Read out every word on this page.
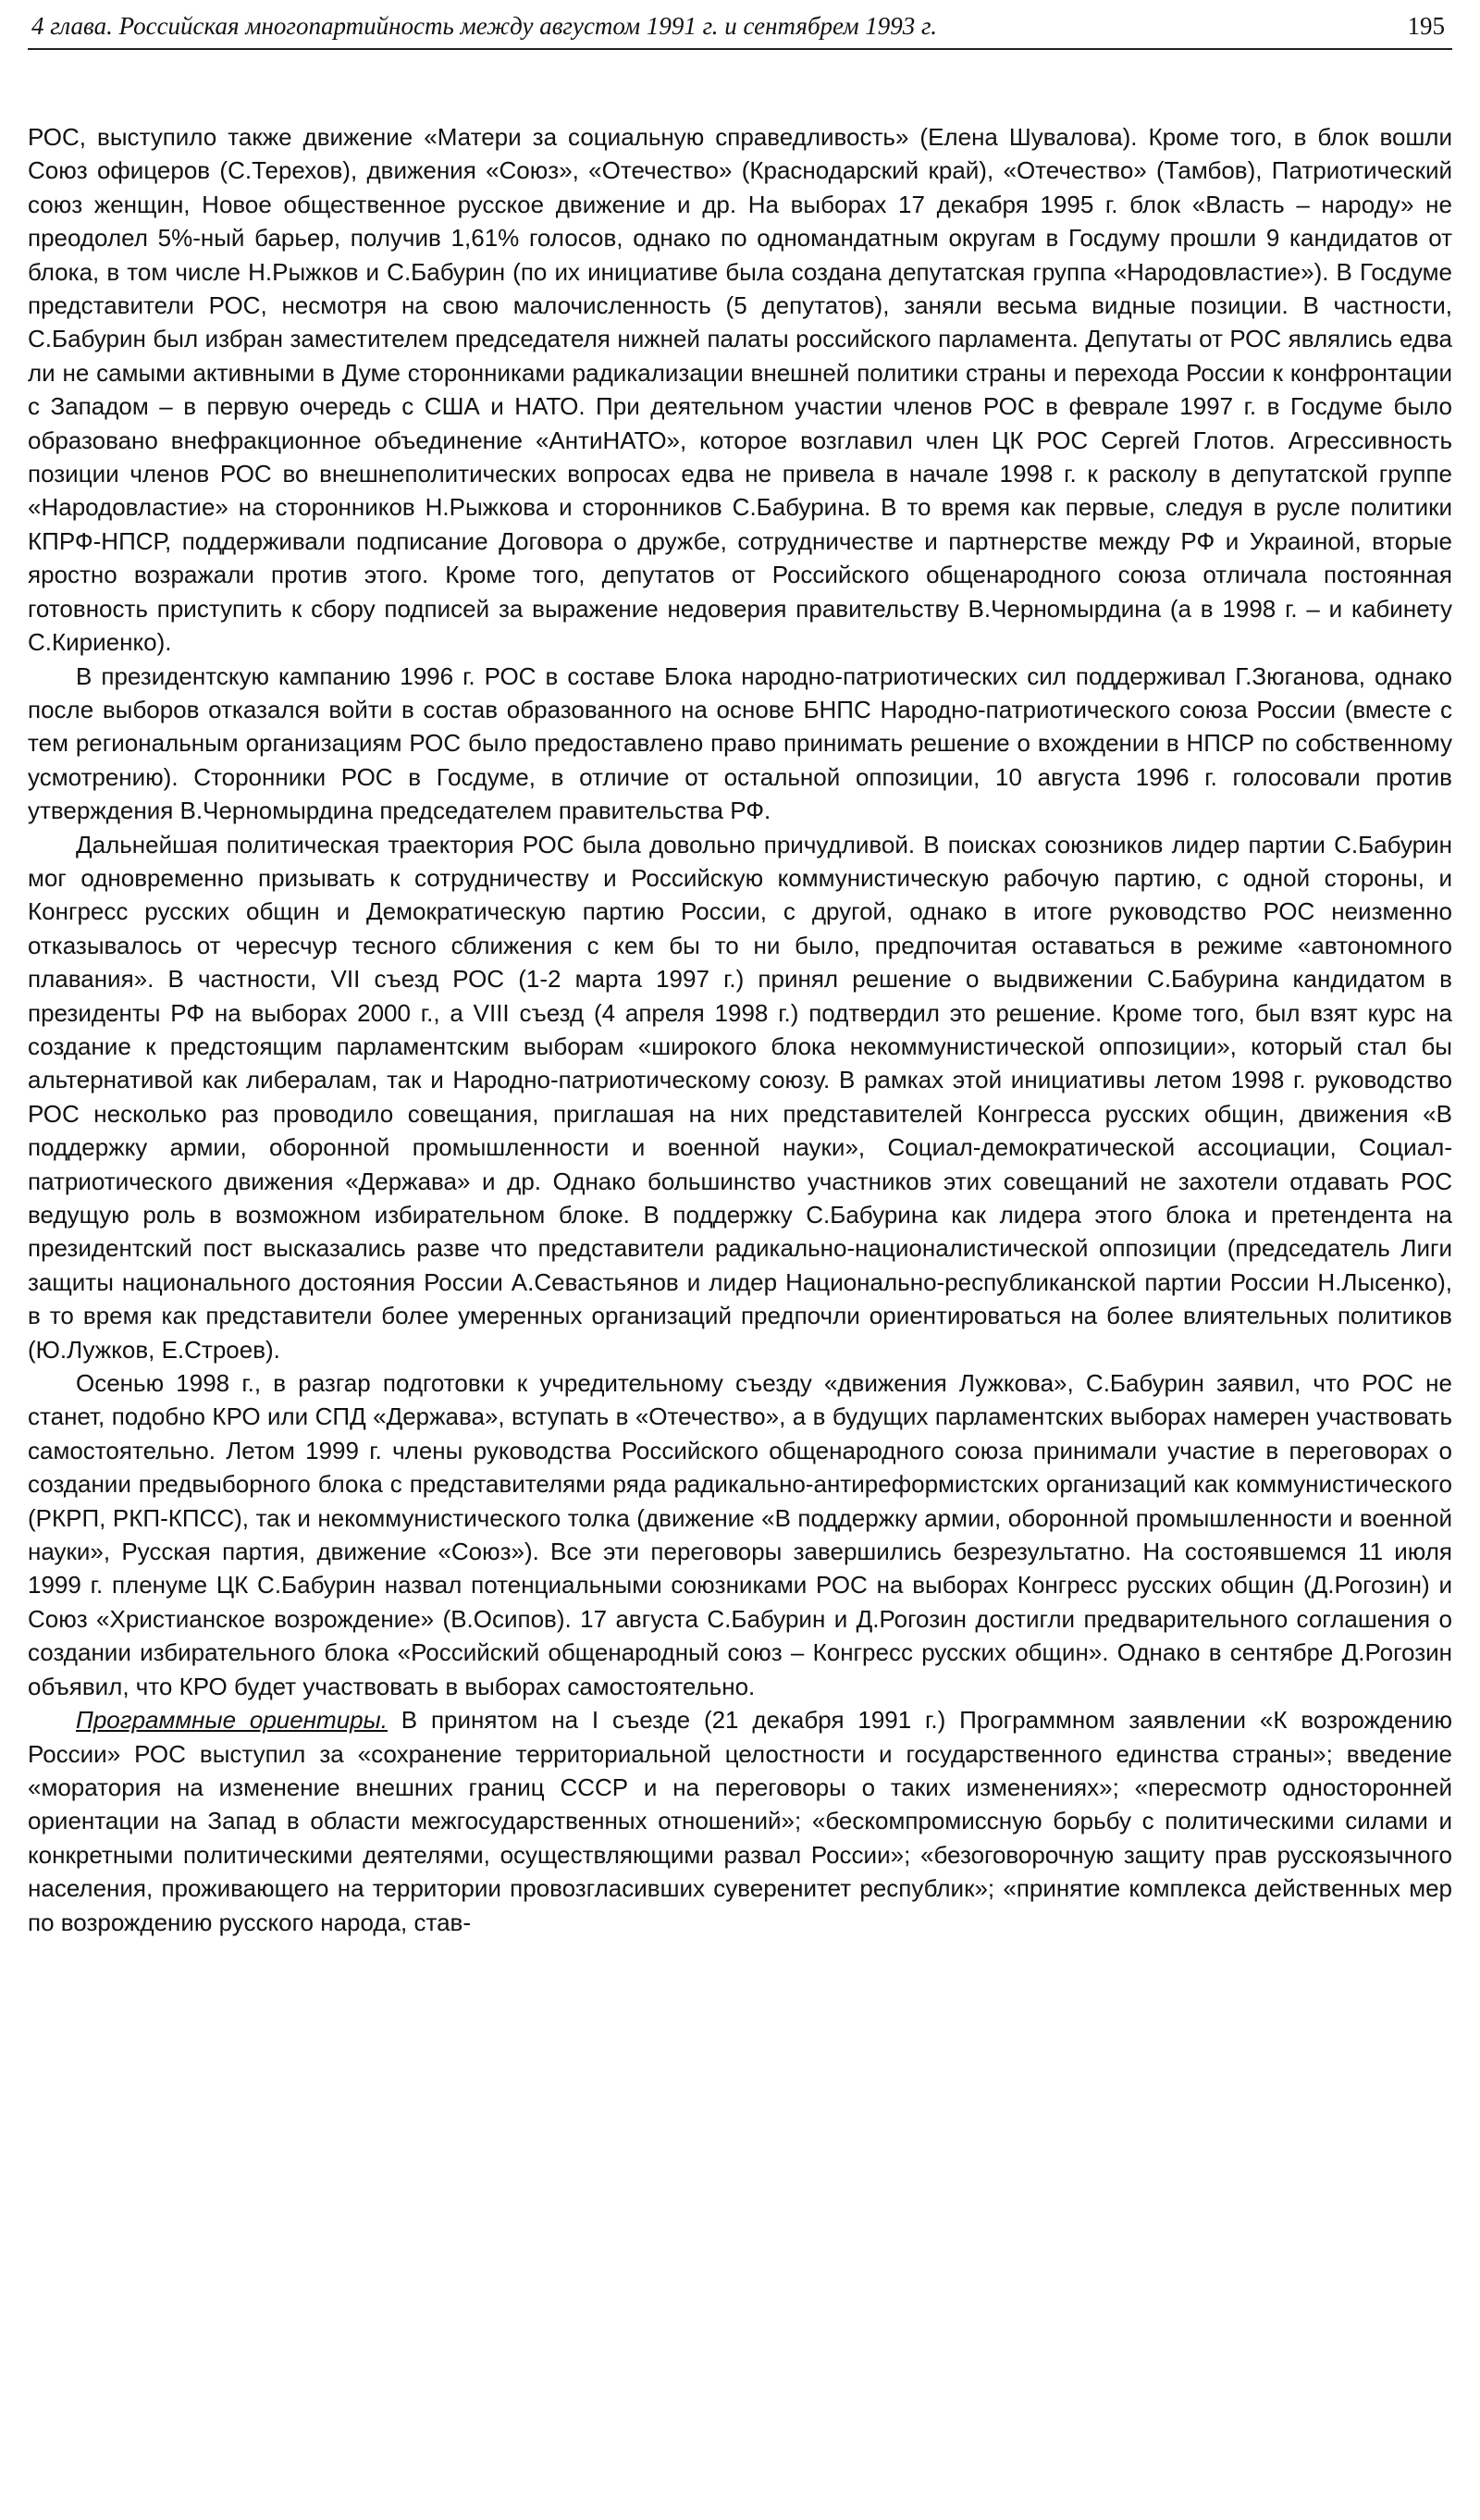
4 глава. Российская многопартийность между августом 1991 г. и сентябрем 1993 г.	195

РОС, выступило также движение «Матери за социальную справедливость» (Елена Шувалова). Кроме того, в блок вошли Союз офицеров (С.Терехов), движения «Союз», «Отечество» (Краснодарский край), «Отечество» (Тамбов), Патриотический союз женщин, Новое общественное русское движение и др. На выборах 17 декабря 1995 г. блок «Власть – народу» не преодолел 5%-ный барьер, получив 1,61% голосов, однако по одномандатным округам в Госдуму прошли 9 кандидатов от блока, в том числе Н.Рыжков и С.Бабурин (по их инициативе была создана депутатская группа «Народовластие»). В Госдуме представители РОС, несмотря на свою малочисленность (5 депутатов), заняли весьма видные позиции. В частности, С.Бабурин был избран заместителем председателя нижней палаты российского парламента. Депутаты от РОС являлись едва ли не самыми активными в Думе сторонниками радикализации внешней политики страны и перехода России к конфронтации с Западом – в первую очередь с США и НАТО. При деятельном участии членов РОС в феврале 1997 г. в Госдуме было образовано внефракционное объединение «АнтиНАТО», которое возглавил член ЦК РОС Сергей Глотов. Агрессивность позиции членов РОС во внешнеполитических вопросах едва не привела в начале 1998 г. к расколу в депутатской группе «Народовластие» на сторонников Н.Рыжкова и сторонников С.Бабурина. В то время как первые, следуя в русле политики КПРФ-НПСР, поддерживали подписание Договора о дружбе, сотрудничестве и партнерстве между РФ и Украиной, вторые яростно возражали против этого. Кроме того, депутатов от Российского общенародного союза отличала постоянная готовность приступить к сбору подписей за выражение недоверия правительству В.Черномырдина (а в 1998 г. – и кабинету С.Кириенко).

В президентскую кампанию 1996 г. РОС в составе Блока народно-патриотических сил поддерживал Г.Зюганова, однако после выборов отказался войти в состав образованного на основе БНПС Народно-патриотического союза России (вместе с тем региональным организациям РОС было предоставлено право принимать решение о вхождении в НПСР по собственному усмотрению). Сторонники РОС в Госдуме, в отличие от остальной оппозиции, 10 августа 1996 г. голосовали против утверждения В.Черномырдина председателем правительства РФ.

Дальнейшая политическая траектория РОС была довольно причудливой. В поисках союзников лидер партии С.Бабурин мог одновременно призывать к сотрудничеству и Российскую коммунистическую рабочую партию, с одной стороны, и Конгресс русских общин и Демократическую партию России, с другой, однако в итоге руководство РОС неизменно отказывалось от чересчур тесного сближения с кем бы то ни было, предпочитая оставаться в режиме «автономного плавания». В частности, VII съезд РОС (1-2 марта 1997 г.) принял решение о выдвижении С.Бабурина кандидатом в президенты РФ на выборах 2000 г., а VIII съезд (4 апреля 1998 г.) подтвердил это решение. Кроме того, был взят курс на создание к предстоящим парламентским выборам «широкого блока некоммунистической оппозиции», который стал бы альтернативой как либералам, так и Народно-патриотическому союзу. В рамках этой инициативы летом 1998 г. руководство РОС несколько раз проводило совещания, приглашая на них представителей Конгресса русских общин, движения «В поддержку армии, оборонной промышленности и военной науки», Социал-демократической ассоциации, Социал-патриотического движения «Держава» и др. Однако большинство участников этих совещаний не захотели отдавать РОС ведущую роль в возможном избирательном блоке. В поддержку С.Бабурина как лидера этого блока и претендента на президентский пост высказались разве что представители радикально-националистической оппозиции (председатель Лиги защиты национального достояния России А.Севастьянов и лидер Национально-республиканской партии России Н.Лысенко), в то время как представители более умеренных организаций предпочли ориентироваться на более влиятельных политиков (Ю.Лужков, Е.Строев).

Осенью 1998 г., в разгар подготовки к учредительному съезду «движения Лужкова», С.Бабурин заявил, что РОС не станет, подобно КРО или СПД «Держава», вступать в «Отечество», а в будущих парламентских выборах намерен участвовать самостоятельно. Летом 1999 г. члены руководства Российского общенародного союза принимали участие в переговорах о создании предвыборного блока с представителями ряда радикально-антиреформистских организаций как коммунистического (РКРП, РКП-КПСС), так и некоммунистического толка (движение «В поддержку армии, оборонной промышленности и военной науки», Русская партия, движение «Союз»). Все эти переговоры завершились безрезультатно. На состоявшемся 11 июля 1999 г. пленуме ЦК С.Бабурин назвал потенциальными союзниками РОС на выборах Конгресс русских общин (Д.Рогозин) и Союз «Христианское возрождение» (В.Осипов). 17 августа С.Бабурин и Д.Рогозин достигли предварительного соглашения о создании избирательного блока «Российский общенародный союз – Конгресс русских общин». Однако в сентябре Д.Рогозин объявил, что КРО будет участвовать в выборах самостоятельно.

Программные ориентиры. В принятом на I съезде (21 декабря 1991 г.) Программном заявлении «К возрождению России» РОС выступил за «сохранение территориальной целостности и государственного единства страны»; введение «моратория на изменение внешних границ СССР и на переговоры о таких изменениях»; «пересмотр односторонней ориентации на Запад в области межгосударственных отношений»; «бескомпромиссную борьбу с политическими силами и конкретными политическими деятелями, осуществляющими развал России»; «безоговорочную защиту прав русскоязычного населения, проживающего на территории провозгласивших суверенитет республик»; «принятие комплекса действенных мер по возрождению русского народа, став-
